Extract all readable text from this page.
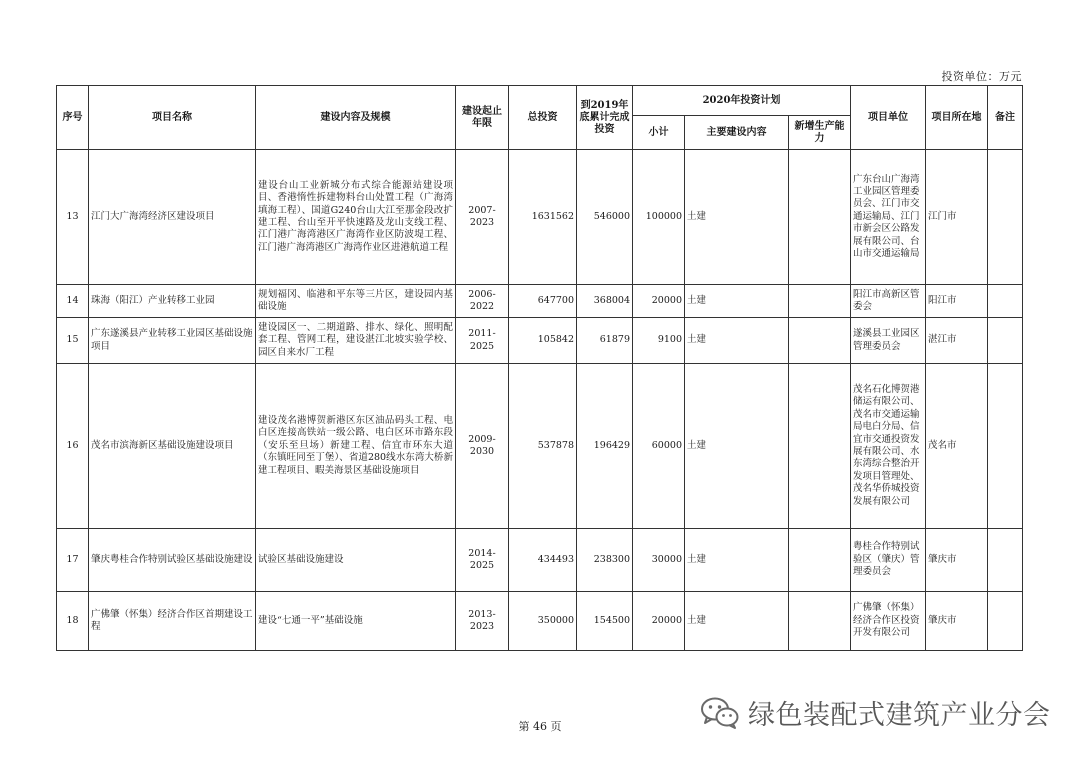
投资单位：万元
序号	项目名称	建设内容及规模	建设起止年限	总投资	到2019年底累计完成投资	2020年投资计划			项目单位	项目所在地	备注
						小计	主要建设内容	新增生产能力			
13	江门大广海湾经济区建设项目	建设台山工业新城分布式综合能源站建设项目、香港惰性拆建物料台山处置工程（广海湾填海工程）、国道G240台山大江至那金段改扩建工程、台山至开平快速路及龙山支线工程、江门港广海湾港区广海湾作业区防波堤工程、江门港广海湾港区广海湾作业区进港航道工程	2007-2023	1631562	546000	100000	土建		广东台山广海湾工业园区管理委员会、江门市交通运输局、江门市新会区公路发展有限公司、台山市交通运输局	江门市	
14	珠海（阳江）产业转移工业园	规划福冈、临港和平东等三片区，建设园内基础设施	2006-2022	647700	368004	20000	土建		阳江市高新区管委会	阳江市	
15	广东遂溪县产业转移工业园区基础设施项目	建设园区一、二期道路、排水、绿化、照明配套工程、管网工程，建设湛江北坡实验学校、园区自来水厂工程	2011-2025	105842	61879	9100	土建		遂溪县工业园区管理委员会	湛江市	
16	茂名市滨海新区基础设施建设项目	建设茂名港博贺新港区东区油品码头工程、电白区连接高铁站一级公路、电白区环市路东段（安乐至旦场）新建工程、信宜市环东大道（东镇旺同至丁堡）、省道280线水东湾大桥新建工程项目、暇美海景区基础设施项目	2009-2030	537878	196429	60000	土建		茂名石化博贺港储运有限公司、茂名市交通运输局电白分局、信宜市交通投资发展有限公司、水东湾综合整治开发项目管理处、茂名华侨城投资发展有限公司	茂名市	
17	肇庆粤桂合作特别试验区基础设施建设	试验区基础设施建设	2014-2025	434493	238300	30000	土建		粤桂合作特别试验区（肇庆）管理委员会	肇庆市	
18	广佛肇（怀集）经济合作区首期建设工程	建设“七通一平”基础设施	2013-2023	350000	154500	20000	土建		广佛肇（怀集）经济合作区投资开发有限公司	肇庆市	
绿色装配式建筑产业分会
第 46 页
